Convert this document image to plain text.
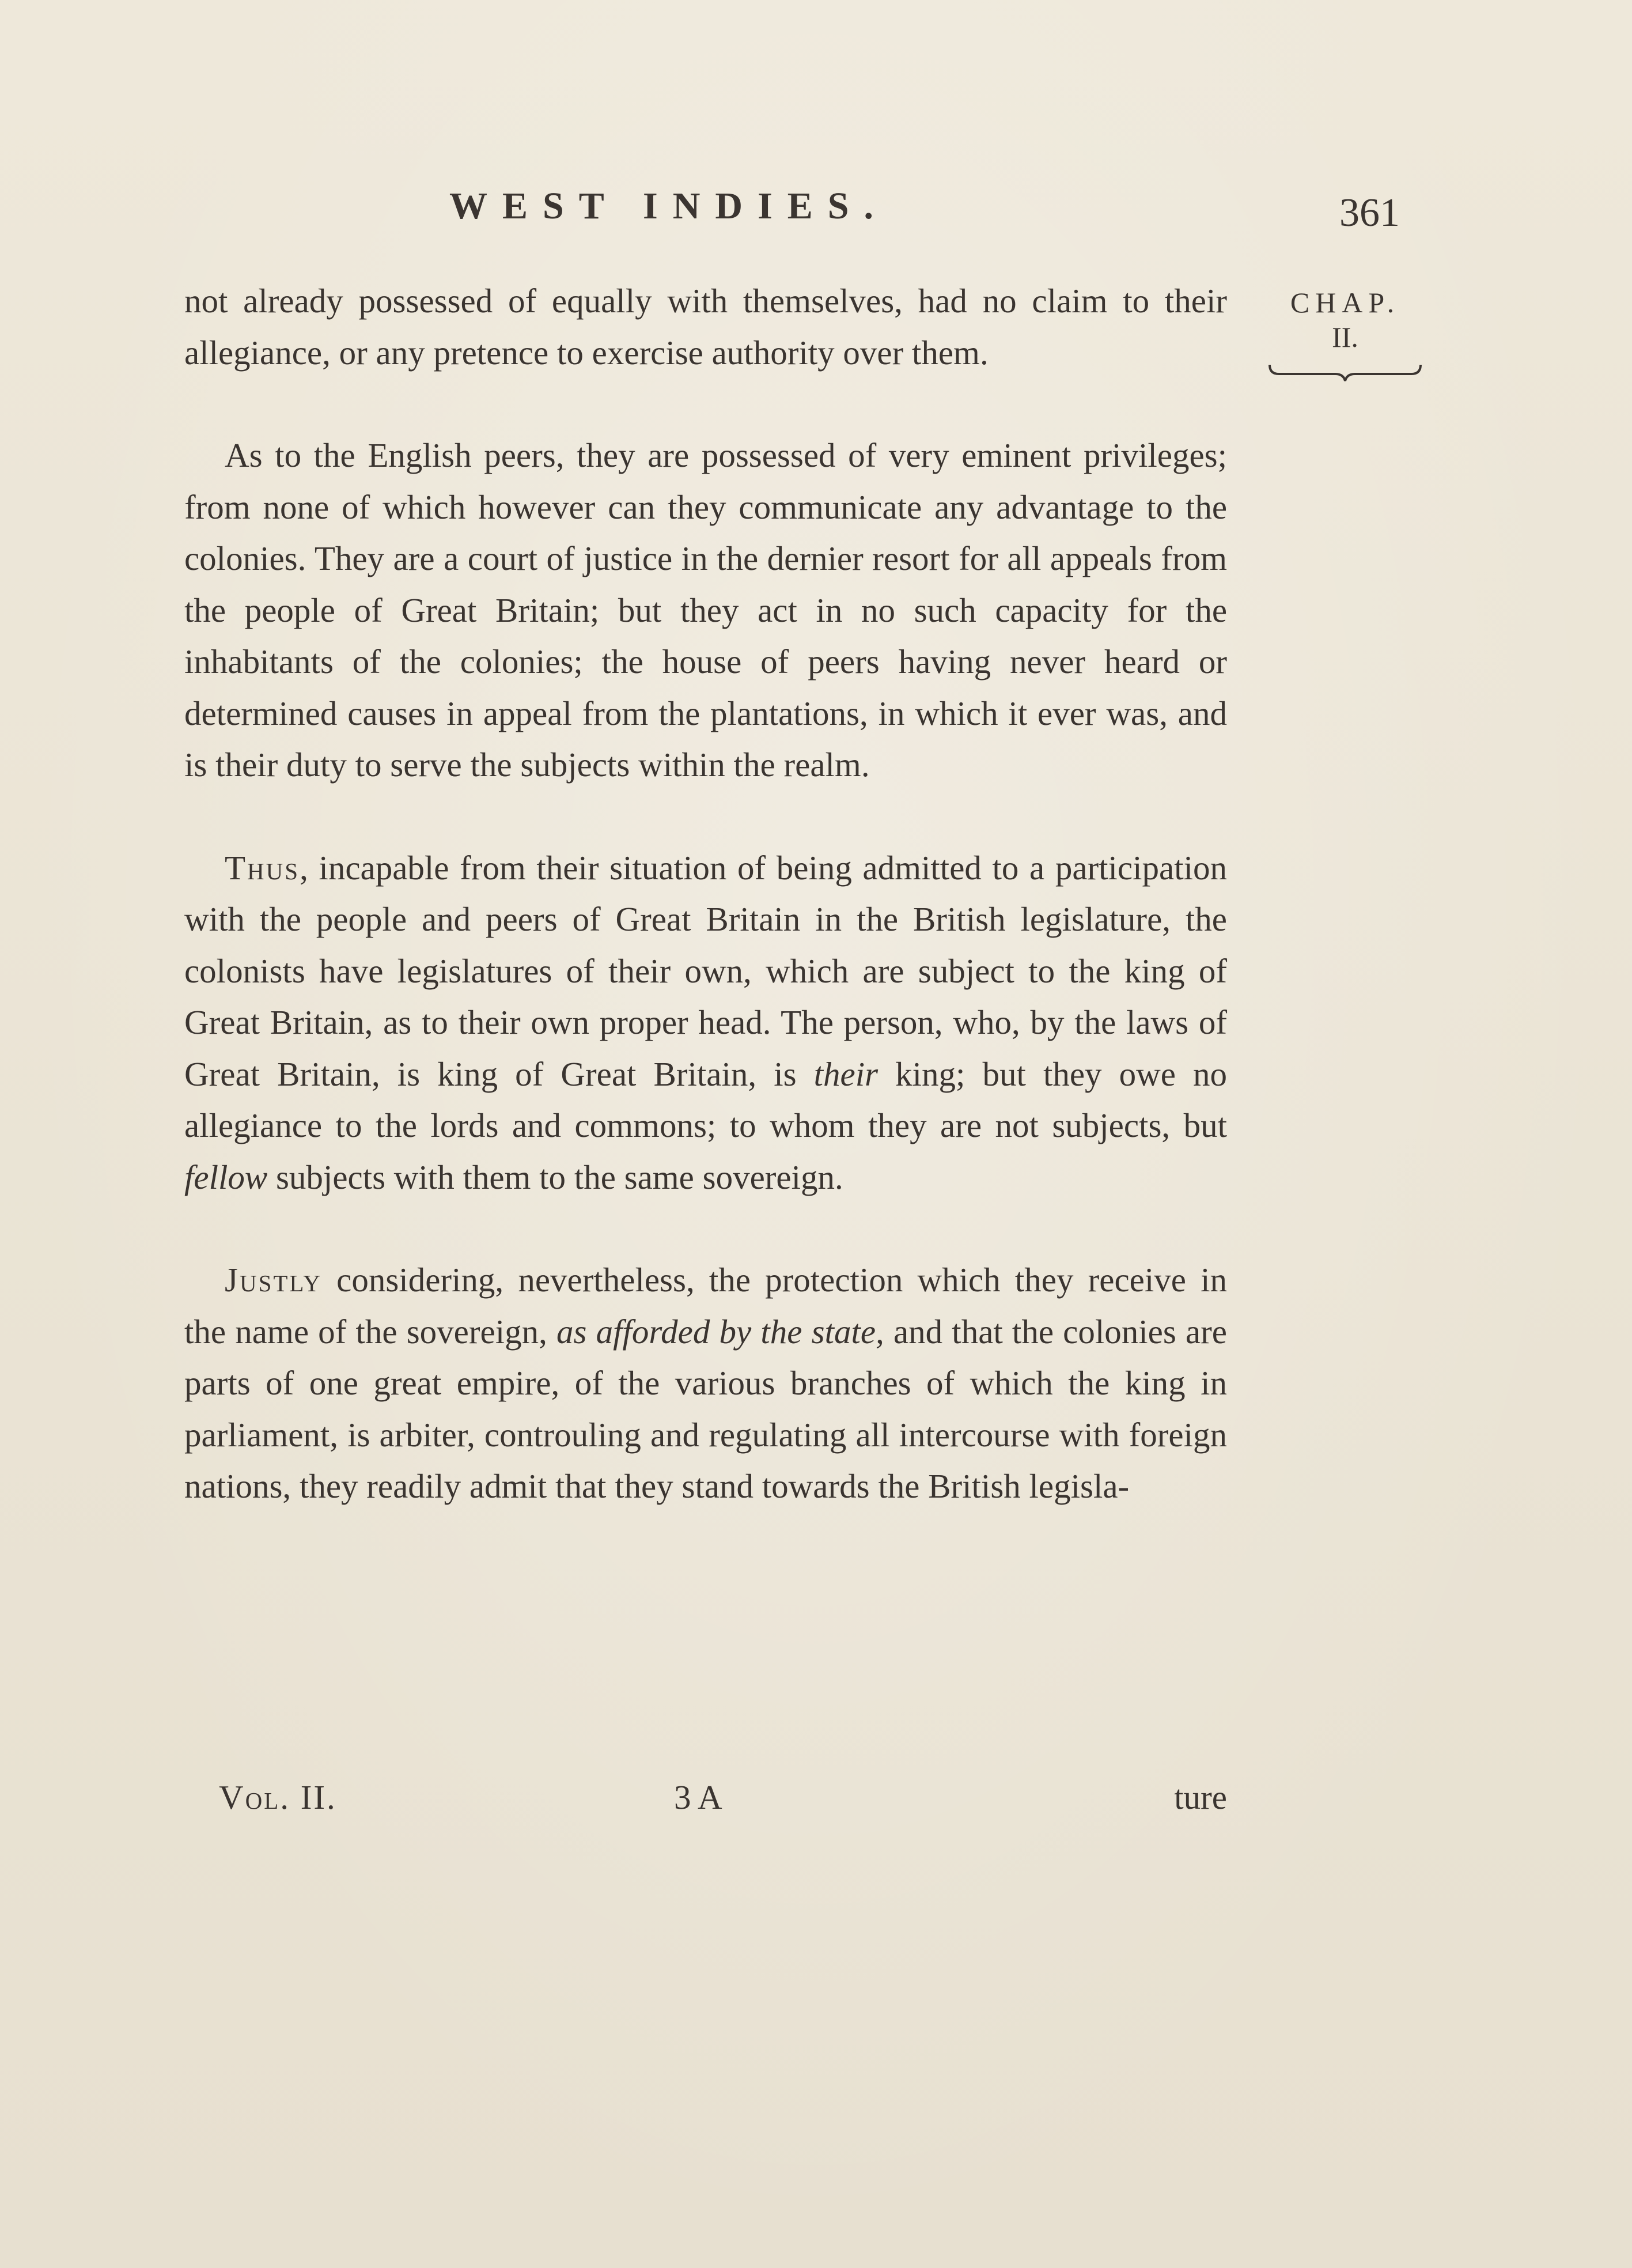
WEST INDIES.	361
CHAP.
II.

not already possessed of equally with themselves, had no claim to their allegiance, or any pretence to exercise authority over them.

As to the English peers, they are possessed of very eminent privileges; from none of which however can they communicate any advantage to the colonies. They are a court of justice in the dernier resort for all appeals from the people of Great Britain; but they act in no such capacity for the inhabitants of the colonies; the house of peers having never heard or determined causes in appeal from the plantations, in which it ever was, and is their duty to serve the subjects within the realm.

Thus, incapable from their situation of being admitted to a participation with the people and peers of Great Britain in the British legislature, the colonists have legislatures of their own, which are subject to the king of Great Britain, as to their own proper head. The person, who, by the laws of Great Britain, is king of Great Britain, is their king; but they owe no allegiance to the lords and commons; to whom they are not subjects, but fellow subjects with them to the same sovereign.

Justly considering, nevertheless, the protection which they receive in the name of the sovereign, as afforded by the state, and that the colonies are parts of one great empire, of the various branches of which the king in parliament, is arbiter, controuling and regulating all intercourse with foreign nations, they readily admit that they stand towards the British legisla-

Vol. II.	3 A	ture
